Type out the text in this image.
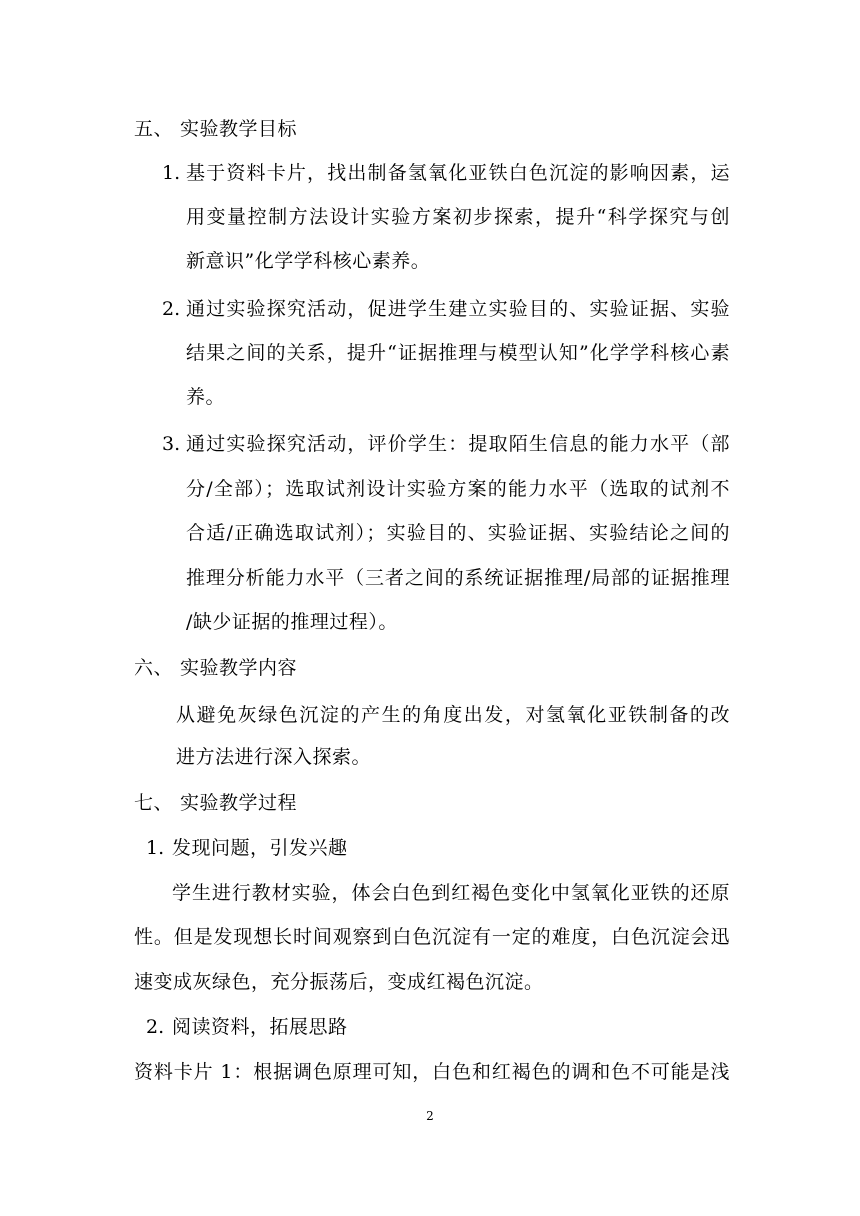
五、 实验教学目标
1. 基于资料卡片，找出制备氢氧化亚铁白色沉淀的影响因素，运
用变量控制方法设计实验方案初步探索，提升“科学探究与创
新意识”化学学科核心素养。
2. 通过实验探究活动，促进学生建立实验目的、实验证据、实验
结果之间的关系，提升“证据推理与模型认知”化学学科核心素
养。
3. 通过实验探究活动，评价学生：提取陌生信息的能力水平（部
分/全部）；选取试剂设计实验方案的能力水平（选取的试剂不
合适/正确选取试剂）；实验目的、实验证据、实验结论之间的
推理分析能力水平（三者之间的系统证据推理/局部的证据推理
/缺少证据的推理过程）。
六、 实验教学内容
从避免灰绿色沉淀的产生的角度出发，对氢氧化亚铁制备的改
进方法进行深入探索。
七、 实验教学过程
1. 发现问题，引发兴趣
学生进行教材实验，体会白色到红褐色变化中氢氧化亚铁的还原
性。但是发现想长时间观察到白色沉淀有一定的难度，白色沉淀会迅
速变成灰绿色，充分振荡后，变成红褐色沉淀。
2. 阅读资料，拓展思路
资料卡片 1：根据调色原理可知，白色和红褐色的调和色不可能是浅
2
